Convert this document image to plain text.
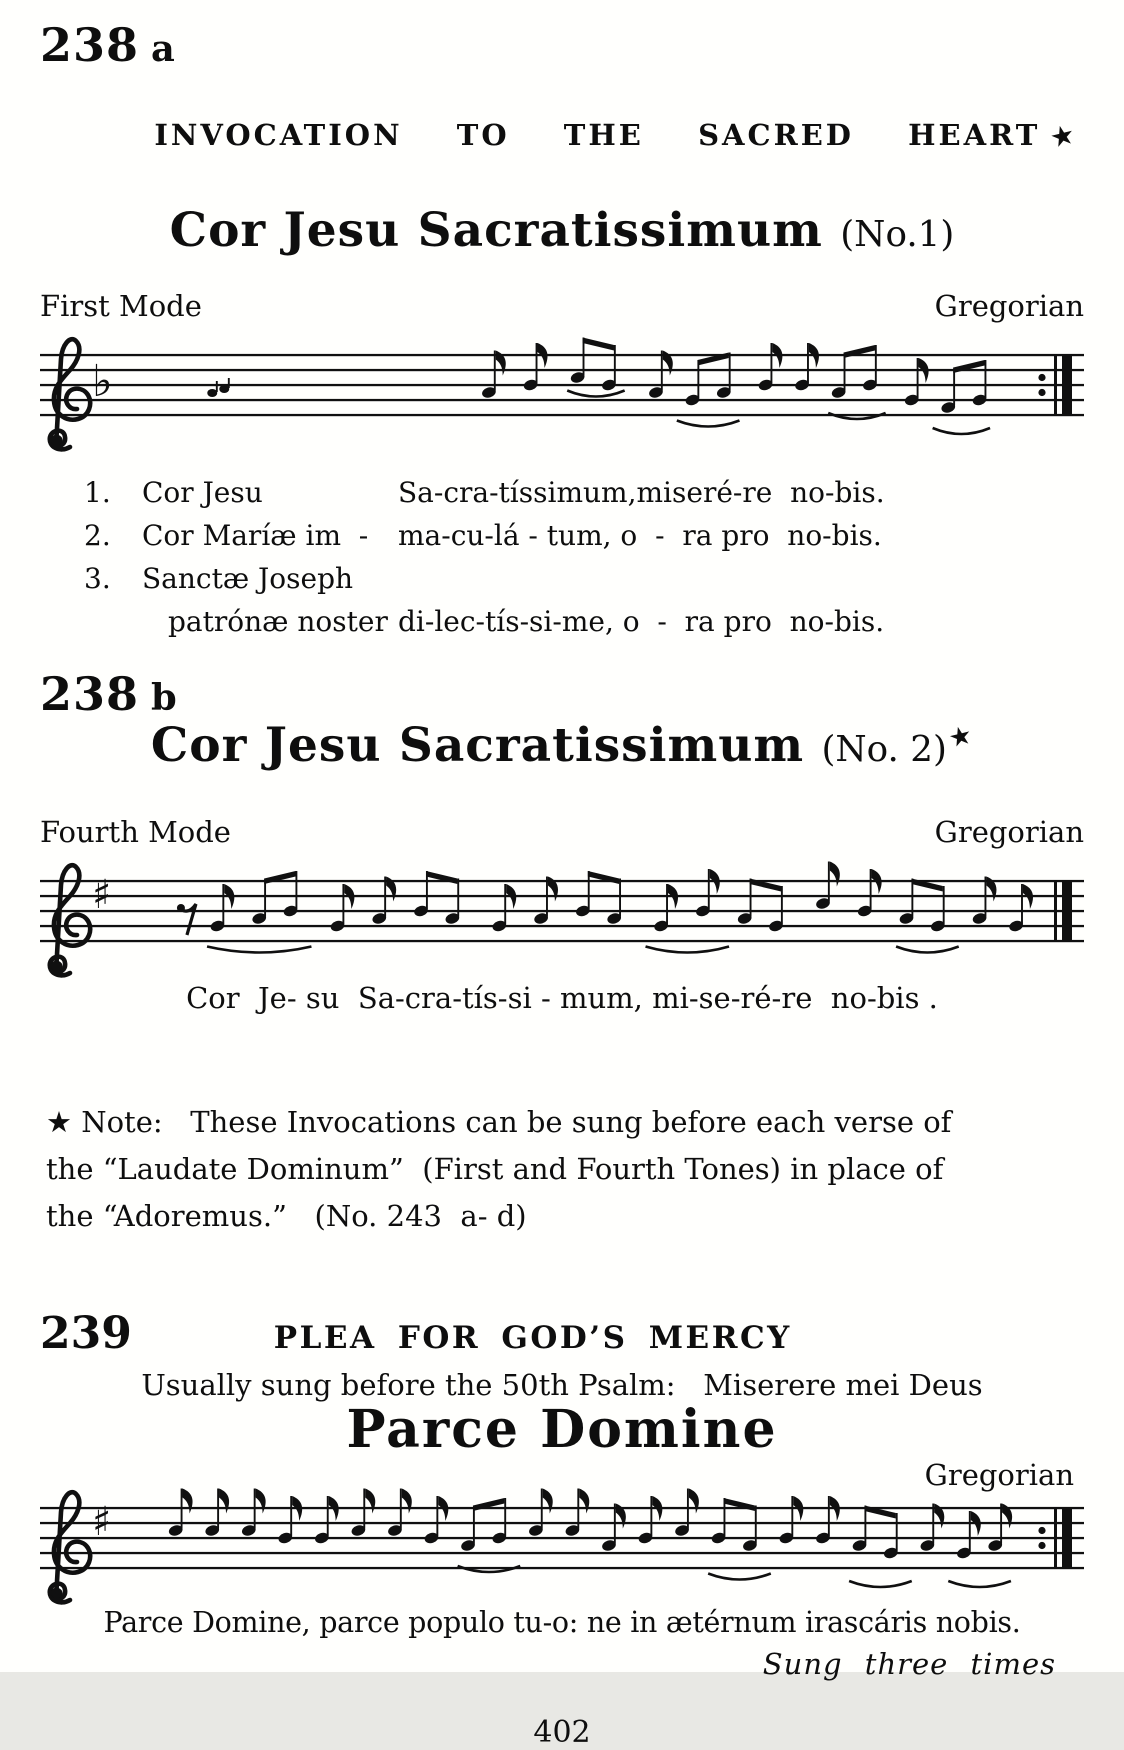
238 a

INVOCATION  TO  THE  SACRED  HEART ★

Cor Jesu Sacratissimum (No.1)
First Mode	Gregorian
♭
1.	Cor Jesu	Sa-cra-tíssimum,miseré-re  no-bis.
2.	Cor Maríæ im  -	ma-cu-lá - tum, o  -  ra pro  no-bis.
3.	Sanctæ Joseph
patrónæ noster di-lec-tís-si-me, o  -  ra pro  no-bis.
238 b
Cor Jesu Sacratissimum (No. 2)★
Fourth Mode	Gregorian
♯
Cor  Je- su  Sa-cra-tís-si - mum, mi-se-ré-re  no-bis .
★ Note:   These Invocations can be sung before each verse of
the “Laudate Dominum”  (First and Fourth Tones) in place of
the “Adoremus.”   (No. 243  a- d)
239	PLEA FOR GOD’S MERCY
Usually sung before the 50th Psalm:   Miserere mei Deus
Parce Domine
Gregorian
♯
Parce Domine, parce populo tu-o: ne in ætérnum irascáris nobis.
Sung three times
402
